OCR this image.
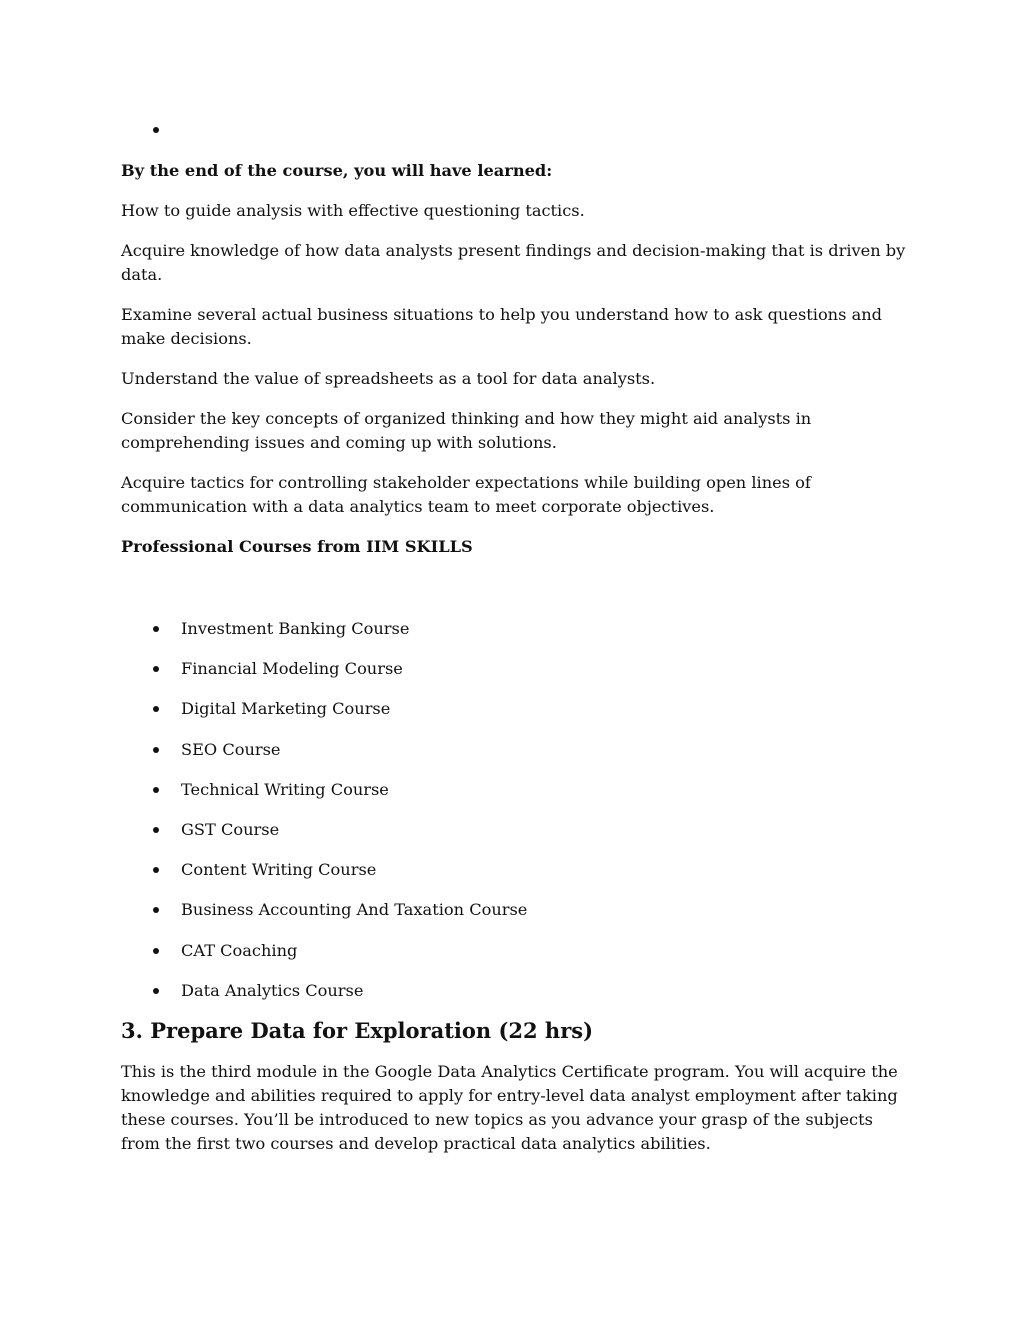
By the end of the course, you will have learned:

How to guide analysis with effective questioning tactics.

Acquire knowledge of how data analysts present findings and decision-making that is driven by data.

Examine several actual business situations to help you understand how to ask questions and make decisions.

Understand the value of spreadsheets as a tool for data analysts.

Consider the key concepts of organized thinking and how they might aid analysts in comprehending issues and coming up with solutions.

Acquire tactics for controlling stakeholder expectations while building open lines of communication with a data analytics team to meet corporate objectives.

Professional Courses from IIM SKILLS

Investment Banking Course
Financial Modeling Course
Digital Marketing Course
SEO Course
Technical Writing Course
GST Course
Content Writing Course
Business Accounting And Taxation Course
CAT Coaching
Data Analytics Course
3. Prepare Data for Exploration (22 hrs)

This is the third module in the Google Data Analytics Certificate program. You will acquire the knowledge and abilities required to apply for entry-level data analyst employment after taking these courses. You’ll be introduced to new topics as you advance your grasp of the subjects from the first two courses and develop practical data analytics abilities.
